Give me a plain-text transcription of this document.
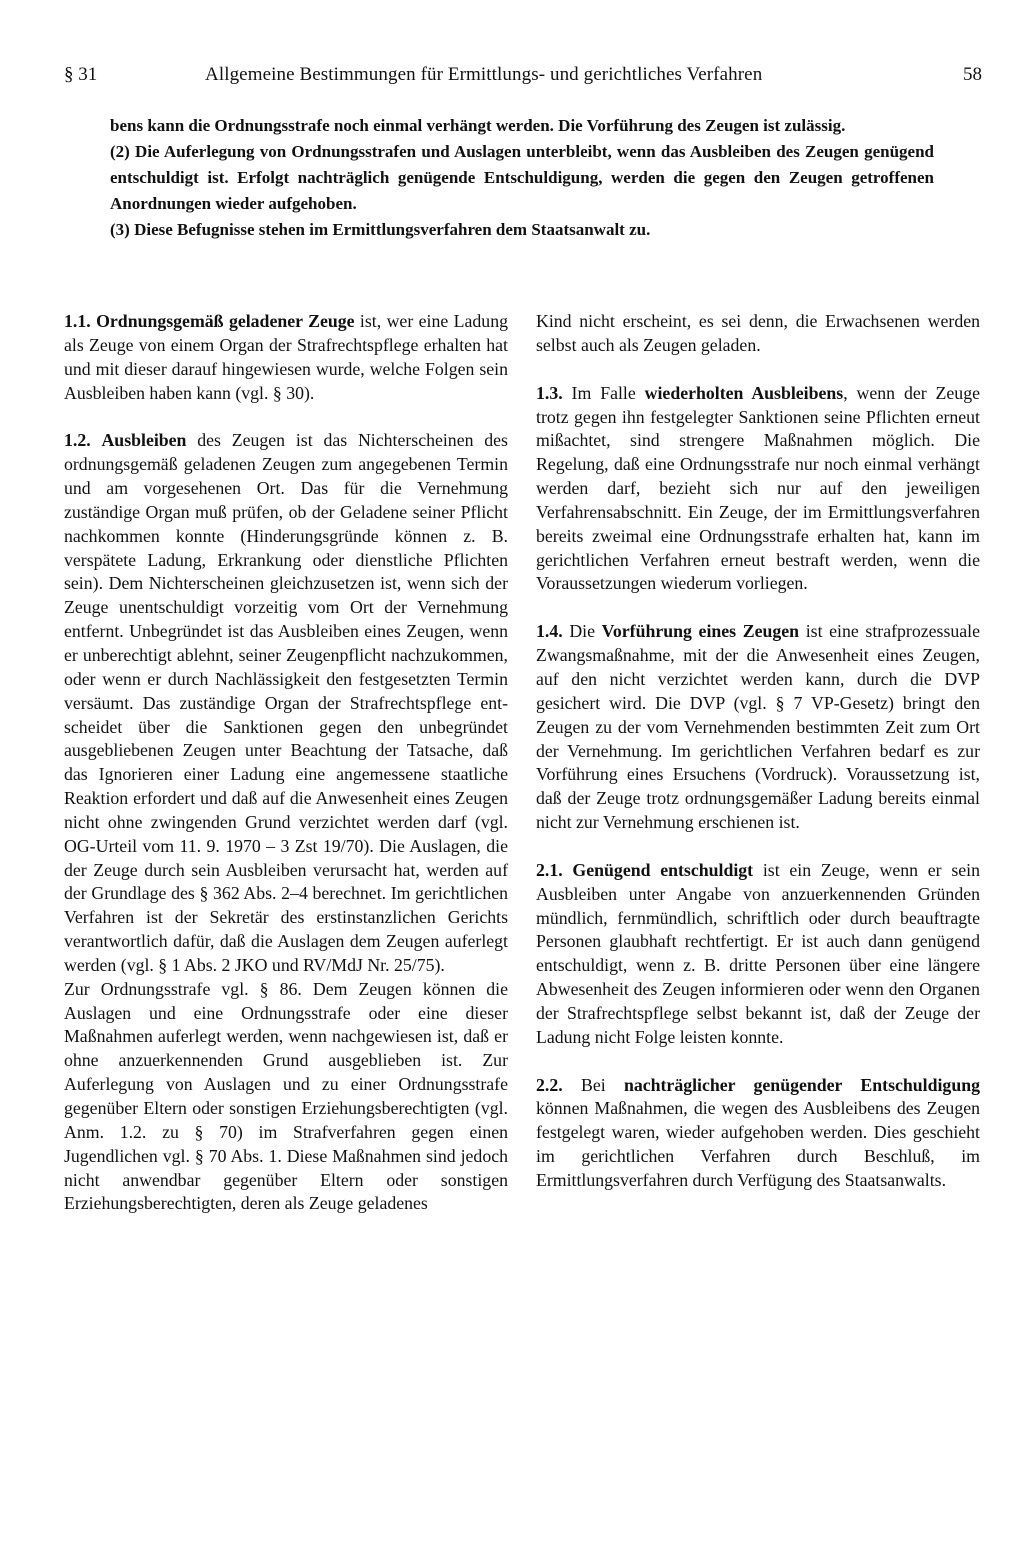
§ 31	Allgemeine Bestimmungen für Ermittlungs- und gerichtliches Verfahren	58

bens kann die Ordnungsstrafe noch einmal verhängt werden. Die Vorführung des Zeugen ist zulässig.

(2) Die Auferlegung von Ordnungsstrafen und Auslagen unterbleibt, wenn das Ausbleiben des Zeugen genügend entschuldigt ist. Erfolgt nachträglich genügende Entschuldigung, werden die gegen den Zeugen getroffenen Anordnungen wieder aufgehoben.

(3) Diese Befugnisse stehen im Ermittlungsverfahren dem Staatsanwalt zu.

1.1. Ordnungsgemäß geladener Zeuge ist, wer eine Ladung als Zeuge von einem Organ der Strafrechtspflege erhalten hat und mit dieser darauf hingewiesen wurde, welche Folgen sein Ausbleiben haben kann (vgl. § 30).

1.2. Ausbleiben des Zeugen ist das Nichterscheinen des ordnungsgemäß geladenen Zeugen zum angegebenen Termin und am vorgesehenen Ort. Das für die Vernehmung zuständige Organ muß prüfen, ob der Geladene seiner Pflicht nachkommen konnte (Hinderungsgründe können z. B. verspätete Ladung, Erkrankung oder dienstliche Pflichten sein). Dem Nichterscheinen gleichzusetzen ist, wenn sich der Zeuge unentschuldigt vorzeitig vom Ort der Vernehmung entfernt. Unbegründet ist das Ausbleiben eines Zeugen, wenn er unberechtigt ablehnt, seiner Zeugenpflicht nachzukommen, oder wenn er durch Nachlässigkeit den festgesetzten Termin versäumt. Das zuständige Organ der Strafrechtspflege entscheidet über die Sanktionen gegen den unbegründet ausgebliebenen Zeugen unter Beachtung der Tatsache, daß das Ignorieren einer Ladung eine angemessene staatliche Reaktion erfordert und daß auf die Anwesenheit eines Zeugen nicht ohne zwingenden Grund verzichtet werden darf (vgl. OG-Urteil vom 11. 9. 1970 – 3 Zst 19/70). Die Auslagen, die der Zeuge durch sein Ausbleiben verursacht hat, werden auf der Grundlage des § 362 Abs. 2–4 berechnet. Im gerichtlichen Verfahren ist der Sekretär des erstinstanzlichen Gerichts verantwortlich dafür, daß die Auslagen dem Zeugen auferlegt werden (vgl. § 1 Abs. 2 JKO und RV/MdJ Nr. 25/75).

Zur Ordnungsstrafe vgl. § 86. Dem Zeugen können die Auslagen und eine Ordnungsstrafe oder eine dieser Maßnahmen auferlegt werden, wenn nachgewiesen ist, daß er ohne anzuerkennenden Grund ausgeblieben ist. Zur Auferlegung von Auslagen und zu einer Ordnungsstrafe gegenüber Eltern oder sonstigen Erziehungsberechtigten (vgl. Anm. 1.2. zu § 70) im Strafverfahren gegen einen Jugendlichen vgl. § 70 Abs. 1. Diese Maßnahmen sind jedoch nicht anwendbar gegenüber Eltern oder sonstigen Erziehungsberechtigten, deren als Zeuge geladenes

Kind nicht erscheint, es sei denn, die Erwachsenen werden selbst auch als Zeugen geladen.

1.3. Im Falle wiederholten Ausbleibens, wenn der Zeuge trotz gegen ihn festgelegter Sanktionen seine Pflichten erneut mißachtet, sind strengere Maßnahmen möglich. Die Regelung, daß eine Ordnungsstrafe nur noch einmal verhängt werden darf, bezieht sich nur auf den jeweiligen Verfahrensabschnitt. Ein Zeuge, der im Ermittlungsverfahren bereits zweimal eine Ordnungsstrafe erhalten hat, kann im gerichtlichen Verfahren erneut bestraft werden, wenn die Voraussetzungen wiederum vorliegen.

1.4. Die Vorführung eines Zeugen ist eine strafprozessuale Zwangsmaßnahme, mit der die Anwesenheit eines Zeugen, auf den nicht verzichtet werden kann, durch die DVP gesichert wird. Die DVP (vgl. § 7 VP-Gesetz) bringt den Zeugen zu der vom Vernehmenden bestimmten Zeit zum Ort der Vernehmung. Im gerichtlichen Verfahren bedarf es zur Vorführung eines Ersuchens (Vordruck). Voraussetzung ist, daß der Zeuge trotz ordnungsgemäßer Ladung bereits einmal nicht zur Vernehmung erschienen ist.

2.1. Genügend entschuldigt ist ein Zeuge, wenn er sein Ausbleiben unter Angabe von anzuerkennenden Gründen mündlich, fernmündlich, schriftlich oder durch beauftragte Personen glaubhaft rechtfertigt. Er ist auch dann genügend entschuldigt, wenn z. B. dritte Personen über eine längere Abwesenheit des Zeugen informieren oder wenn den Organen der Strafrechtspflege selbst bekannt ist, daß der Zeuge der Ladung nicht Folge leisten konnte.

2.2. Bei nachträglicher genügender Entschuldigung können Maßnahmen, die wegen des Ausbleibens des Zeugen festgelegt waren, wieder aufgehoben werden. Dies geschieht im gerichtlichen Verfahren durch Beschluß, im Ermittlungsverfahren durch Verfügung des Staatsanwalts.
